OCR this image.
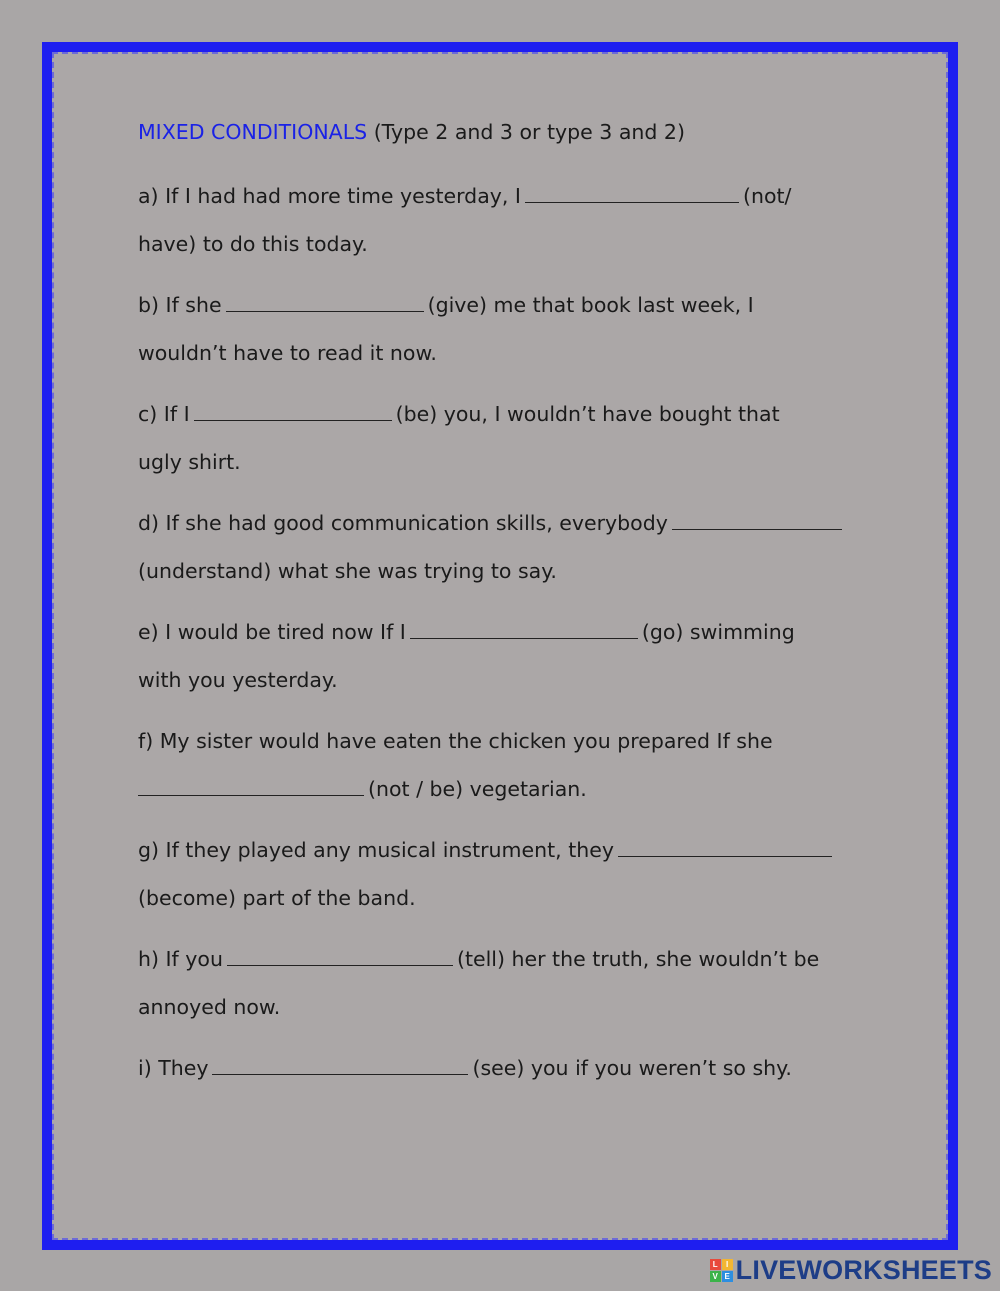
MIXED CONDITIONALS (Type 2 and 3 or type 3 and 2)
a) If I had had more time yesterday, I	(not/
have) to do this today.
b) If she	(give) me that book last week, I
wouldn’t have to read it now.
c) If I	(be) you, I wouldn’t have bought that
ugly shirt.
d) If she had good communication skills, everybody
(understand) what she was trying to say.
e) I would be tired now If I	(go) swimming
with you yesterday.
f) My sister would have eaten the chicken you prepared If she
(not / be) vegetarian.
g) If they played any musical instrument, they
(become) part of the band.
h) If you	(tell) her the truth, she wouldn’t be
annoyed now.
i) They	(see) you if you weren’t so shy.
L	I
V E LIVEWORKSHEETS
